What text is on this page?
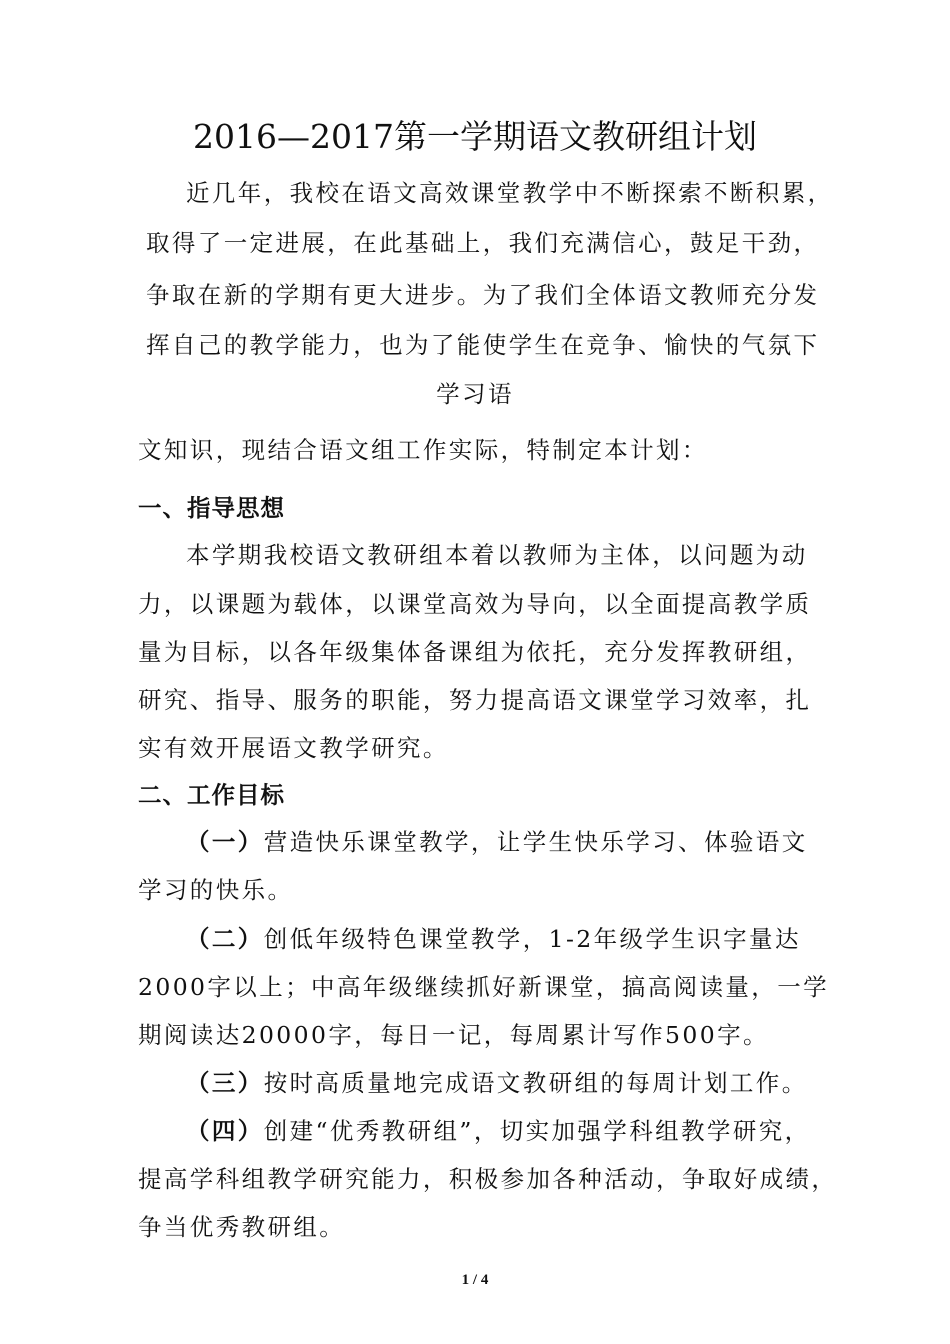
2016—2017第一学期语文教研组计划
近几年，我校在语文高效课堂教学中不断探索不断积累，
取得了一定进展，在此基础上，我们充满信心，鼓足干劲，
争取在新的学期有更大进步。为了我们全体语文教师充分发
挥自己的教学能力，也为了能使学生在竞争、愉快的气氛下
学习语
文知识，现结合语文组工作实际，特制定本计划：
一、指导思想
本学期我校语文教研组本着以教师为主体，以问题为动
力，以课题为载体，以课堂高效为导向，以全面提高教学质
量为目标，以各年级集体备课组为依托，充分发挥教研组，
研究、指导、服务的职能，努力提高语文课堂学习效率，扎
实有效开展语文教学研究。
二、工作目标
（一）营造快乐课堂教学，让学生快乐学习、体验语文
学习的快乐。
（二）创低年级特色课堂教学，1-2年级学生识字量达
2000字以上；中高年级继续抓好新课堂，搞高阅读量，一学
期阅读达20000字，每日一记，每周累计写作500字。
（三）按时高质量地完成语文教研组的每周计划工作。
（四）创建“优秀教研组”，切实加强学科组教学研究，
提高学科组教学研究能力，积极参加各种活动，争取好成绩，
争当优秀教研组。
1 / 4
